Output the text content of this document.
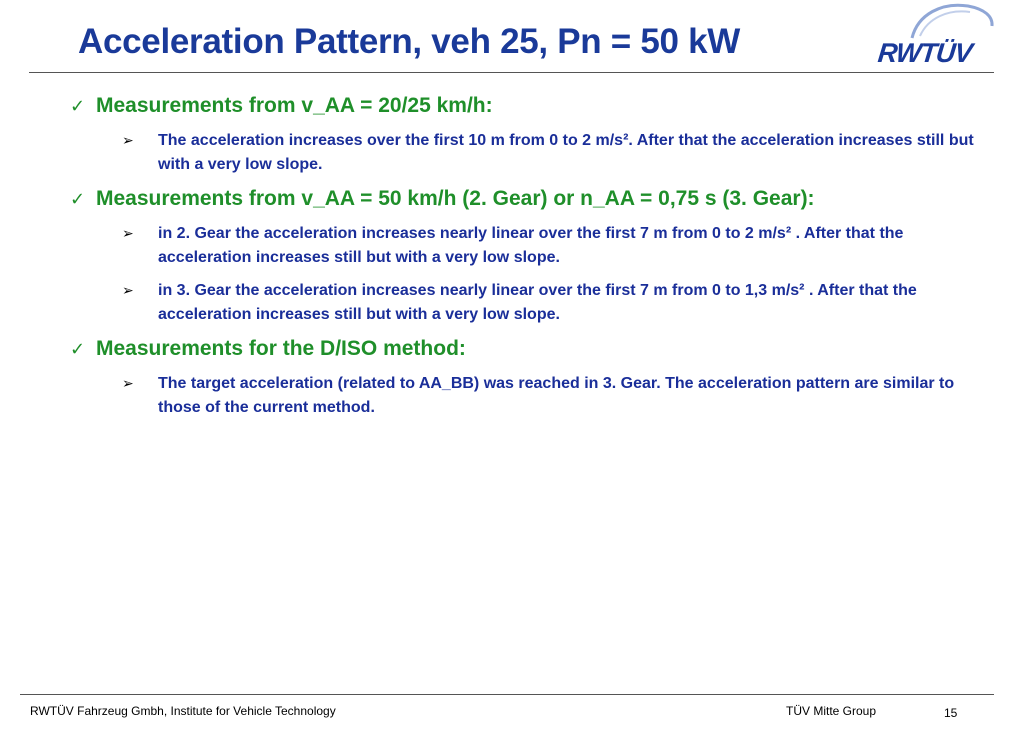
Acceleration Pattern, veh 25, Pn = 50 kW	RWTÜV
✓ Measurements from v_AA = 20/25 km/h:
➢	The acceleration increases over the first 10 m from 0 to 2 m/s². After that the acceleration increases still but with a very low slope.
✓ Measurements from v_AA = 50 km/h (2. Gear) or n_AA = 0,75 s (3. Gear):
➢	in 2. Gear the acceleration increases nearly linear over the first 7 m from 0 to 2 m/s² . After that the acceleration increases still but with a very low slope.
➢	in 3. Gear the acceleration increases nearly linear over the first 7 m from 0 to 1,3 m/s² . After that the acceleration increases still but with a very low slope.
✓ Measurements for the D/ISO method:
➢	The target acceleration (related to AA_BB) was reached in 3. Gear. The acceleration pattern are similar to those of the current method.
RWTÜV Fahrzeug Gmbh, Institute for Vehicle Technology	TÜV Mitte Group	15
